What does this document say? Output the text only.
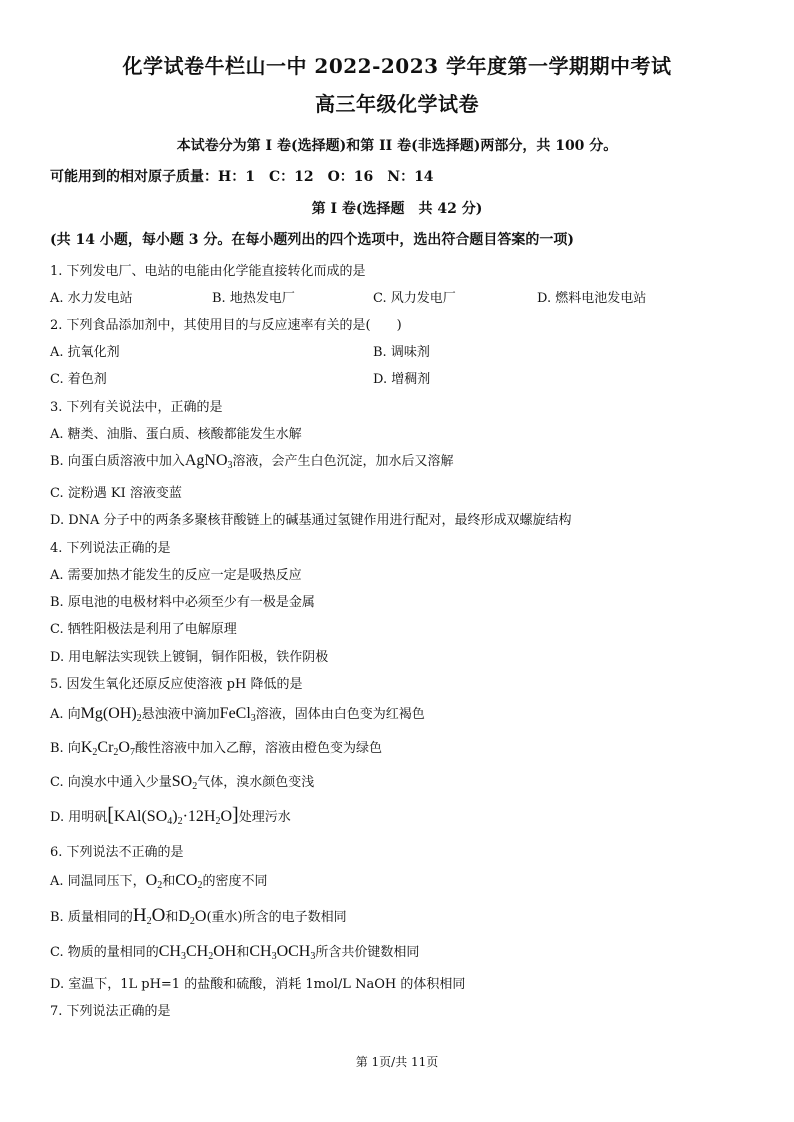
化学试卷牛栏山一中 2022-2023 学年度第一学期期中考试
高三年级化学试卷
本试卷分为第 I 卷(选择题)和第 II 卷(非选择题)两部分，共 100 分。
可能用到的相对原子质量：H：1　C：12　O：16　N：14
第 I 卷(选择题　共 42 分)
(共 14 小题，每小题 3 分。在每小题列出的四个选项中，选出符合题目答案的一项)
1. 下列发电厂、电站的电能由化学能直接转化而成的是
A. 水力发电站	B. 地热发电厂	C. 风力发电厂	D. 燃料电池发电站
2. 下列食品添加剂中，其使用目的与反应速率有关的是(　　)
A. 抗氧化剂	B. 调味剂
C. 着色剂	D. 增稠剂
3. 下列有关说法中，正确的是
A. 糖类、油脂、蛋白质、核酸都能发生水解
B. 向蛋白质溶液中加入AgNO$_3$溶液，会产生白色沉淀，加水后又溶解
C. 淀粉遇 KI 溶液变蓝
D. DNA 分子中的两条多聚核苷酸链上的碱基通过氢键作用进行配对，最终形成双螺旋结构
4. 下列说法正确的是
A. 需要加热才能发生的反应一定是吸热反应
B. 原电池的电极材料中必须至少有一极是金属
C. 牺牲阳极法是利用了电解原理
D. 用电解法实现铁上镀铜，铜作阳极，铁作阴极
5. 因发生氧化还原反应使溶液 pH 降低的是
A. 向$Mg(OH)_2$悬浊液中滴加FeCl$_3$溶液，固体由白色变为红褐色
B. 向$K_2Cr_2O_7$酸性溶液中加入乙醇，溶液由橙色变为绿色
C. 向溴水中通入少量$SO_2$气体，溴水颜色变浅
D. 用明矾$[KAl(SO_4)_2\cdot 12H_2O]$处理污水
6. 下列说法不正确的是
A. 同温同压下，$O_2$和$CO_2$的密度不同
B. 质量相同的$H_2O$和$D_2O$(重水)所含的电子数相同
C. 物质的量相同的$CH_3CH_2OH$和$CH_3OCH_3$所含共价键数相同
D. 室温下，1L pH=1 的盐酸和硫酸，消耗 1mol/L NaOH 的体积相同
7. 下列说法正确的是
第 1页/共 11页
